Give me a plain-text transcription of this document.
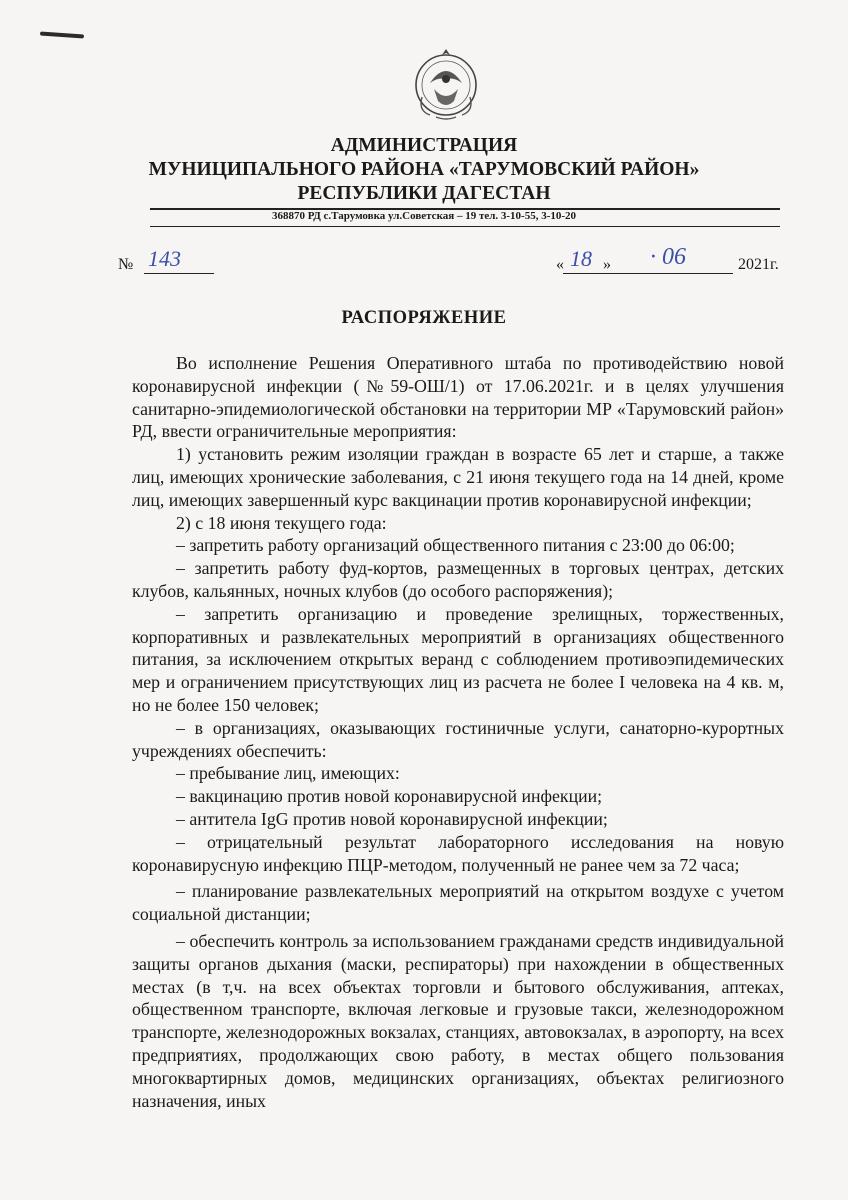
АДМИНИСТРАЦИЯ
МУНИЦИПАЛЬНОГО РАЙОНА «ТАРУМОВСКИЙ РАЙОН»
РЕСПУБЛИКИ ДАГЕСТАН
368870 РД с.Тарумовка ул.Советская – 19 тел. 3-10-55, 3-10-20
№ 143	« 18 » · 06	2021г.
РАСПОРЯЖЕНИЕ

Во исполнение Решения Оперативного штаба по противодействию новой коронавирусной инфекции (№59-ОШ/1) от 17.06.2021г. и в целях улучшения санитарно-эпидемиологической обстановки на территории МР «Тарумовский район» РД, ввести ограничительные мероприятия:

1) установить режим изоляции граждан в возрасте 65 лет и старше, а также лиц, имеющих хронические заболевания, с 21 июня текущего года на 14 дней, кроме лиц, имеющих завершенный курс вакцинации против коронавирусной инфекции;

2) с 18 июня текущего года:

– запретить работу организаций общественного питания с 23:00 до 06:00;

– запретить работу фуд-кортов, размещенных в торговых центрах, детских клубов, кальянных, ночных клубов (до особого распоряжения);

– запретить организацию и проведение зрелищных, торжественных, корпоративных и развлекательных мероприятий в организациях общественного питания, за исключением открытых веранд с соблюдением противоэпидемических мер и ограничением присутствующих лиц из расчета не более I человека на 4 кв. м, но не более 150 человек;

– в организациях, оказывающих гостиничные услуги, санаторно-курортных учреждениях обеспечить:

– пребывание лиц, имеющих:

– вакцинацию против новой коронавирусной инфекции;

– антитела IgG против новой коронавирусной инфекции;

– отрицательный результат лабораторного исследования на новую коронавирусную инфекцию ПЦР-методом, полученный не ранее чем за 72 часа;

– планирование развлекательных мероприятий на открытом воздухе с учетом социальной дистанции;

– обеспечить контроль за использованием гражданами средств индивидуальной защиты органов дыхания (маски, респираторы) при нахождении в общественных местах (в т,ч. на всех объектах торговли и бытового обслуживания, аптеках, общественном транспорте, включая легковые и грузовые такси, железнодорожном транспорте, железнодорожных вокзалах, станциях, автовокзалах, в аэропорту, на всех предприятиях, продолжающих свою работу, в местах общего пользования многоквартирных домов, медицинских организациях, объектах религиозного назначения, иных
